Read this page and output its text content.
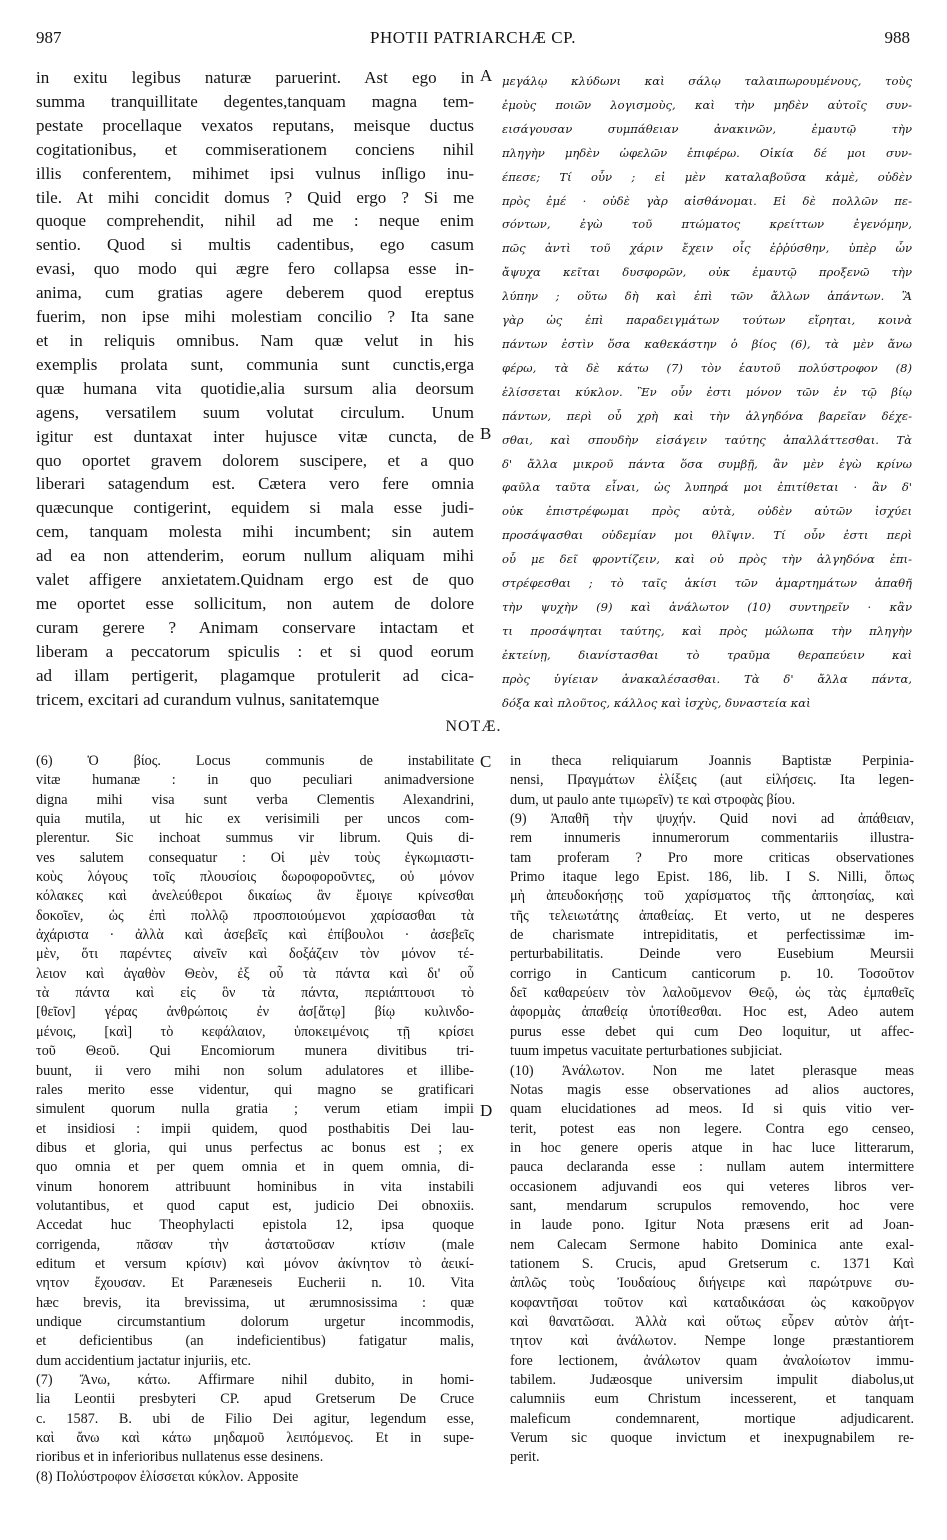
987	PHOTII PATRIARCHÆ CP.	988
in exitu legibus naturæ paruerint. Ast ego in
summa tranquillitate degentes,tanquam magna tem-
pestate procellaque vexatos reputans, meisque ductus
cogitationibus, et commiserationem conciens nihil
illis conferentem, mihimet ipsi vulnus inſligo inu-
tile. At mihi concidit domus ? Quid ergo ? Si me
quoque comprehendit, nihil ad me : neque enim
sentio. Quod si multis cadentibus, ego casum
evasi, quo modo qui ægre fero collapsa esse in-
anima, cum gratias agere deberem quod ereptus
fuerim, non ipse mihi molestiam concilio ? Ita sane
et in reliquis omnibus. Nam quæ velut in his
exemplis prolata sunt, communia sunt cunctis,erga
quæ humana vita quotidie,alia sursum alia deorsum
agens, versatilem suum volutat circulum. Unum
igitur est duntaxat inter hujusce vitæ cuncta, de
quo oportet gravem dolorem suscipere, et a quo
liberari satagendum est. Cætera vero fere omnia
quæcunque contigerint, equidem si mala esse judi-
cem, tanquam molesta mihi incumbent; sin autem
ad ea non attenderim, eorum nullum aliquam mihi
valet affigere anxietatem.Quidnam ergo est de quo
me oportet esse sollicitum, non autem de dolore
curam gerere ? Animam conservare intactam et
liberam a peccatorum spiculis : et si quod eorum
ad illam pertigerit, plagamque protulerit ad cica-
tricem, excitari ad curandum vulnus, sanitatemque
μεγάλῳ κλύδωνι καὶ σάλῳ ταλαιπωρουμένους, τοὺς
ἐμοὺς ποιῶν λογισμοὺς, καὶ τὴν μηδὲν αὐτοῖς συν-
εισάγουσαν συμπάθειαν ἀνακινῶν, ἐμαυτῷ τὴν
πληγὴν μηδὲν ὠφελῶν ἐπιφέρω. Οἰκία δέ μοι συν-
έπεσε; Τί οὖν ; εἰ μὲν καταλαβοῦσα κἀμὲ, οὐδὲν
πρὸς ἐμέ · οὐδὲ γὰρ αἰσθάνομαι. Εἰ δὲ πολλῶν πε-
σόντων, ἐγὼ τοῦ πτώματος κρείττων ἐγενόμην,
πῶς ἀντὶ τοῦ χάριν ἔχειν οἷς ἐῤῥύσθην, ὑπὲρ ὧν
ἄψυχα κεῖται δυσφορῶν, οὐκ ἐμαυτῷ προξενῶ τὴν
λύπην ; οὕτω δὴ καὶ ἐπὶ τῶν ἄλλων ἁπάντων. Ἃ
γὰρ ὡς ἐπὶ παραδειγμάτων τούτων εἴρηται, κοινὰ
πάντων ἐστὶν ὅσα καθεκάστην ὁ βίος (6), τὰ μὲν ἄνω
φέρω, τὰ δὲ κάτω (7) τὸν ἑαυτοῦ πολύστροφον (8)
ἑλίσσεται κύκλον. Ἓν οὖν ἐστι μόνον τῶν ἐν τῷ βίῳ
πάντων, περὶ οὗ χρὴ καὶ τὴν ἀλγηδόνα βαρεῖαν δέχε-
σθαι, καὶ σπουδὴν εἰσάγειν ταύτης ἀπαλλάττεσθαι. Τὰ
δ' ἄλλα μικροῦ πάντα ὅσα συμβῇ, ἂν μὲν ἐγὼ κρίνω
φαῦλα ταῦτα εἶναι, ὡς λυπηρά μοι ἐπιτίθεται · ἂν δ'
οὐκ ἐπιστρέφωμαι πρὸς αὐτὰ, οὐδὲν αὐτῶν ἰσχύει
προσάψασθαι οὐδεμίαν μοι θλῖψιν. Τί οὖν ἐστι περὶ
οὗ με δεῖ φροντίζειν, καὶ οὐ πρὸς τὴν ἀλγηδόνα ἐπι-
στρέφεσθαι ; τὸ ταῖς ἀκίσι τῶν ἁμαρτημάτων ἀπαθῆ
τὴν ψυχὴν (9) καὶ ἀνάλωτον (10) συντηρεῖν · κἂν
τι προσάψηται ταύτης, καὶ πρὸς μώλωπα τὴν πληγὴν
ἐκτείνῃ, διανίστασθαι τὸ τραῦμα θεραπεύειν καὶ
πρὸς ὑγίειαν ἀνακαλέσασθαι. Τὰ δ' ἄλλα πάντα,
δόξα καὶ πλοῦτος, κάλλος καὶ ἰσχὺς, δυναστεία καὶ
A
B
C
D
NOTÆ.
(6) Ὁ βίος. Locus communis de instabilitate
vitæ humanæ : in quo peculiari animadversione
digna mihi visa sunt verba Clementis Alexandrini,
quia mutila, ut hic ex verisimili per uncos com-
plerentur. Sic inchoat summus vir librum. Quis di-
ves salutem consequatur : Οἱ μὲν τοὺς ἐγκωμιαστι-
κοὺς λόγους τοῖς πλουσίοις δωροφοροῦντες, οὐ μόνον
κόλακες καὶ ἀνελεύθεροι δικαίως ἂν ἔμοιγε κρίνεσθαι
δοκοῖεν, ὡς ἐπὶ πολλῷ προσποιούμενοι χαρίσασθαι τὰ
ἀχάριστα · ἀλλὰ καὶ ἀσεβεῖς καὶ ἐπίβουλοι · ἀσεβεῖς
μὲν, ὅτι παρέντες αἰνεῖν καὶ δοξάζειν τὸν μόνον τέ-
λειον καὶ ἀγαθὸν Θεὸν, ἐξ οὗ τὰ πάντα καὶ δι' οὗ
τὰ πάντα καὶ εἰς ὃν τὰ πάντα, περιάπτουσι τὸ
[θεῖον] γέρας ἀνθρώποις ἐν ἀσ[ἄτῳ] βίῳ κυλινδο-
μένοις, [καὶ] τὸ κεφάλαιον, ὑποκειμένοις τῇ κρίσει
τοῦ Θεοῦ. Qui Encomiorum munera divitibus tri-
buunt, ii vero mihi non solum adulatores et illibe-
rales merito esse videntur, qui magno se gratificari
simulent quorum nulla gratia ; verum etiam impii
et insidiosi : impii quidem, quod posthabitis Dei lau-
dibus et gloria, qui unus perfectus ac bonus est ; ex
quo omnia et per quem omnia et in quem omnia, di-
vinum honorem attribuunt hominibus in vita instabili
volutantibus, et quod caput est, judicio Dei obnoxiis.
Accedat huc Theophylacti epistola 12, ipsa quoque
corrigenda, πᾶσαν τὴν ἀστατοῦσαν κτίσιν (male
editum et versum κρίσιν) καὶ μόνον ἀκίνητον τὸ ἀεικί-
νητον ἔχουσαν. Et Paræneseis Eucherii n. 10. Vita
hæc brevis, ita brevissima, ut ærumnosissima : quæ
undique circumstantium dolorum urgetur incommodis,
et deficientibus (an indeficientibus) fatigatur malis,
dum accidentium jactatur injuriis, etc.
(7) Ἄνω, κάτω. Affirmare nihil dubito, in homi-
lia Leontii presbyteri CP. apud Gretserum De Cruce
c. 1587. B. ubi de Filio Dei agitur, legendum esse,
καὶ ἄνω καὶ κάτω μηδαμοῦ λειπόμενος. Et in supe-
rioribus et in inferioribus nullatenus esse desinens.
(8) Πολύστροφον ἑλίσσεται κύκλον. Apposite
in theca reliquiarum Joannis Baptistæ Perpinia-
nensi, Πραγμάτων ἑλίξεις (aut εἱλήσεις. Ita legen-
dum, ut paulo ante τιμωρεῖν) τε καὶ στροφὰς βίου.
(9) Ἀπαθῆ τὴν ψυχήν. Quid novi ad ἀπάθειαν,
rem innumeris innumerorum commentariis illustra-
tam proferam ? Pro more criticas observationes
Primo itaque lego Epist. 186, lib. I S. Nilli, ὅπως
μὴ ἀπευδοκήσῃς τοῦ χαρίσματος τῆς ἀπτοησίας, καὶ
τῆς τελειωτάτης ἀπαθείας. Et verto, ut ne desperes
de charismate intrepiditatis, et perfectissimæ im-
perturbabilitatis. Deinde vero Eusebium Meursii
corrigo in Canticum canticorum p. 10. Τοσοῦτον
δεῖ καθαρεύειν τὸν λαλοῦμενον Θεῷ, ὡς τὰς ἐμπαθεῖς
ἀφορμὰς ἀπαθείᾳ ὑποτίθεσθαι. Hoc est, Adeo autem
purus esse debet qui cum Deo loquitur, ut affec-
tuum impetus vacuitate perturbationes subjiciat.
(10) Ἀνάλωτον. Non me latet plerasque meas
Notas magis esse observationes ad alios auctores,
quam elucidationes ad meos. Id si quis vitio ver-
terit, potest eas non legere. Contra ego censeo,
in hoc genere operis atque in hac luce litterarum,
pauca declaranda esse : nullam autem intermittere
occasionem adjuvandi eos qui veteres libros ver-
sant, mendarum scrupulos removendo, hoc vere
in laude pono. Igitur Nota præsens erit ad Joan-
nem Calecam Sermone habito Dominica ante exal-
tationem S. Crucis, apud Gretserum c. 1371 Καὶ
ἁπλῶς τοὺς Ἰουδαίους διήγειρε καὶ παρώτρυνε συ-
κοφαντῆσαι τοῦτον καὶ καταδικάσαι ὡς κακοῦργον
καὶ θανατῶσαι. Ἀλλὰ καὶ οὕτως εὗρεν αὐτὸν ἀήτ-
τητον καὶ ἀνάλωτον. Nempe longe præstantiorem
fore lectionem, ἀνάλωτον quam ἀναλοίωτον immu-
tabilem. Judæosque universim impulit diabolus,ut
calumniis eum Christum incesserent, et tanquam
maleficum condemnarent, mortique adjudicarent.
Verum sic quoque invictum et inexpugnabilem re-
perit.
